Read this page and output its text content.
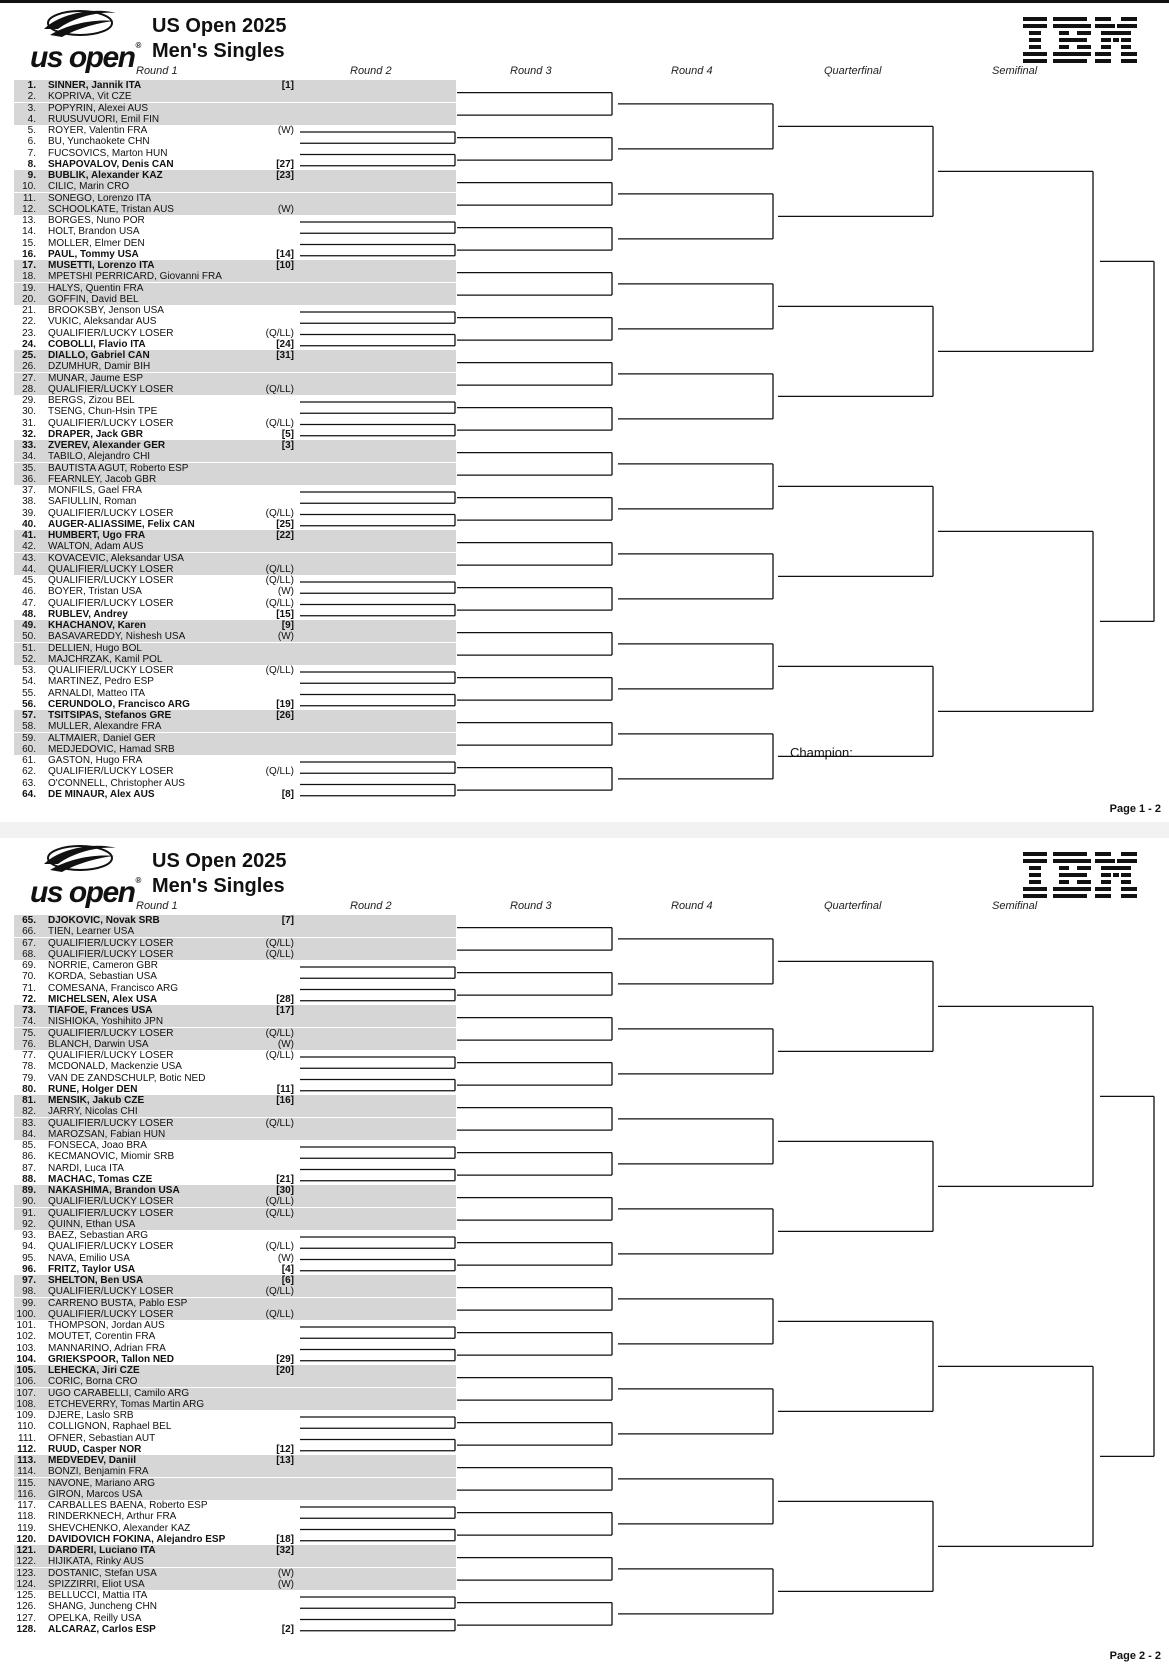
us open®
US Open 2025
Men's Singles
Round 1	Round 2	Round 3	Round 4	Quarterfinal	Semifinal
Champion:
Page 1 - 2
1. SINNER, Jannik ITA	[1]
2. KOPRIVA, Vit CZE
3. POPYRIN, Alexei AUS
4. RUUSUVUORI, Emil FIN
5. ROYER, Valentin FRA	(W)
6. BU, Yunchaokete CHN
7. FUCSOVICS, Marton HUN
8. SHAPOVALOV, Denis CAN	[27]
9. BUBLIK, Alexander KAZ	[23]
10. CILIC, Marin CRO
11. SONEGO, Lorenzo ITA
12. SCHOOLKATE, Tristan AUS	(W)
13. BORGES, Nuno POR
14. HOLT, Brandon USA
15. MOLLER, Elmer DEN
16. PAUL, Tommy USA	[14]
17. MUSETTI, Lorenzo ITA	[10]
18. MPETSHI PERRICARD, Giovanni FRA
19. HALYS, Quentin FRA
20. GOFFIN, David BEL
21. BROOKSBY, Jenson USA
22. VUKIC, Aleksandar AUS
23. QUALIFIER/LUCKY LOSER	(Q/LL)
24. COBOLLI, Flavio ITA	[24]
25. DIALLO, Gabriel CAN	[31]
26. DZUMHUR, Damir BIH
27. MUNAR, Jaume ESP
28. QUALIFIER/LUCKY LOSER	(Q/LL)
29. BERGS, Zizou BEL
30. TSENG, Chun-Hsin TPE
31. QUALIFIER/LUCKY LOSER	(Q/LL)
32. DRAPER, Jack GBR	[5]
33. ZVEREV, Alexander GER	[3]
34. TABILO, Alejandro CHI
35. BAUTISTA AGUT, Roberto ESP
36. FEARNLEY, Jacob GBR
37. MONFILS, Gael FRA
38. SAFIULLIN, Roman
39. QUALIFIER/LUCKY LOSER	(Q/LL)
40. AUGER-ALIASSIME, Felix CAN	[25]
41. HUMBERT, Ugo FRA	[22]
42. WALTON, Adam AUS
43. KOVACEVIC, Aleksandar USA
44. QUALIFIER/LUCKY LOSER	(Q/LL)
45. QUALIFIER/LUCKY LOSER	(Q/LL)
46. BOYER, Tristan USA	(W)
47. QUALIFIER/LUCKY LOSER	(Q/LL)
48. RUBLEV, Andrey	[15]
49. KHACHANOV, Karen	[9]
50. BASAVAREDDY, Nishesh USA	(W)
51. DELLIEN, Hugo BOL
52. MAJCHRZAK, Kamil POL
53. QUALIFIER/LUCKY LOSER	(Q/LL)
54. MARTINEZ, Pedro ESP
55. ARNALDI, Matteo ITA
56. CERUNDOLO, Francisco ARG	[19]
57. TSITSIPAS, Stefanos GRE	[26]
58. MULLER, Alexandre FRA
59. ALTMAIER, Daniel GER
60. MEDJEDOVIC, Hamad SRB
61. GASTON, Hugo FRA
62. QUALIFIER/LUCKY LOSER	(Q/LL)
63. O'CONNELL, Christopher AUS
64. DE MINAUR, Alex AUS	[8]
us open®
US Open 2025
Men's Singles
Round 1	Round 2	Round 3	Round 4	Quarterfinal	Semifinal
Page 2 - 2
65. DJOKOVIC, Novak SRB	[7]
66. TIEN, Learner USA
67. QUALIFIER/LUCKY LOSER	(Q/LL)
68. QUALIFIER/LUCKY LOSER	(Q/LL)
69. NORRIE, Cameron GBR
70. KORDA, Sebastian USA
71. COMESANA, Francisco ARG
72. MICHELSEN, Alex USA	[28]
73. TIAFOE, Frances USA	[17]
74. NISHIOKA, Yoshihito JPN
75. QUALIFIER/LUCKY LOSER	(Q/LL)
76. BLANCH, Darwin USA	(W)
77. QUALIFIER/LUCKY LOSER	(Q/LL)
78. MCDONALD, Mackenzie USA
79. VAN DE ZANDSCHULP, Botic NED
80. RUNE, Holger DEN	[11]
81. MENSIK, Jakub CZE	[16]
82. JARRY, Nicolas CHI
83. QUALIFIER/LUCKY LOSER	(Q/LL)
84. MAROZSAN, Fabian HUN
85. FONSECA, Joao BRA
86. KECMANOVIC, Miomir SRB
87. NARDI, Luca ITA
88. MACHAC, Tomas CZE	[21]
89. NAKASHIMA, Brandon USA	[30]
90. QUALIFIER/LUCKY LOSER	(Q/LL)
91. QUALIFIER/LUCKY LOSER	(Q/LL)
92. QUINN, Ethan USA
93. BAEZ, Sebastian ARG
94. QUALIFIER/LUCKY LOSER	(Q/LL)
95. NAVA, Emilio USA	(W)
96. FRITZ, Taylor USA	[4]
97. SHELTON, Ben USA	[6]
98. QUALIFIER/LUCKY LOSER	(Q/LL)
99. CARRENO BUSTA, Pablo ESP
100. QUALIFIER/LUCKY LOSER	(Q/LL)
101. THOMPSON, Jordan AUS
102. MOUTET, Corentin FRA
103. MANNARINO, Adrian FRA
104. GRIEKSPOOR, Tallon NED	[29]
105. LEHECKA, Jiri CZE	[20]
106. CORIC, Borna CRO
107. UGO CARABELLI, Camilo ARG
108. ETCHEVERRY, Tomas Martin ARG
109. DJERE, Laslo SRB
110. COLLIGNON, Raphael BEL
111. OFNER, Sebastian AUT
112. RUUD, Casper NOR	[12]
113. MEDVEDEV, Daniil	[13]
114. BONZI, Benjamin FRA
115. NAVONE, Mariano ARG
116. GIRON, Marcos USA
117. CARBALLES BAENA, Roberto ESP
118. RINDERKNECH, Arthur FRA
119. SHEVCHENKO, Alexander KAZ
120. DAVIDOVICH FOKINA, Alejandro ESP	[18]
121. DARDERI, Luciano ITA	[32]
122. HIJIKATA, Rinky AUS
123. DOSTANIC, Stefan USA	(W)
124. SPIZZIRRI, Eliot USA	(W)
125. BELLUCCI, Mattia ITA
126. SHANG, Juncheng CHN
127. OPELKA, Reilly USA
128. ALCARAZ, Carlos ESP	[2]
